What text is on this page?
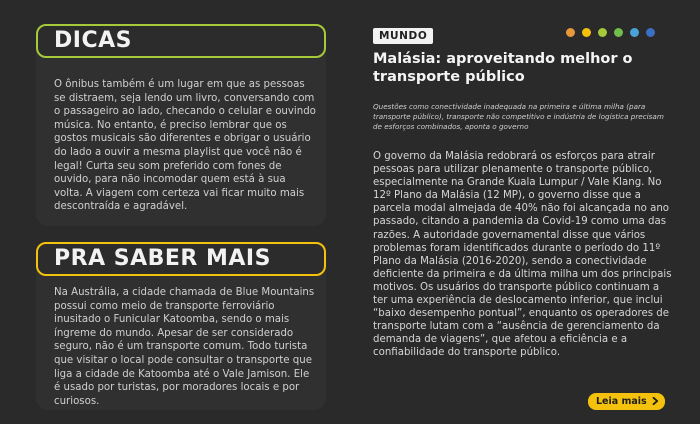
DICAS

O ônibus também é um lugar em que as pessoas se distraem, seja lendo um livro, conversando com o passageiro ao lado, checando o celular e ouvindo música. No entanto, é preciso lembrar que os gostos musicais são diferentes e obrigar o usuário do lado a ouvir a mesma playlist que você não é legal! Curta seu som preferido com fones de ouvido, para não incomodar quem está à sua volta. A viagem com certeza vai ficar muito mais descontraída e agradável.

PRA SABER MAIS

Na Austrália, a cidade chamada de Blue Mountains possui como meio de transporte ferroviário inusitado o Funicular Katoomba, sendo o mais íngreme do mundo. Apesar de ser considerado seguro, não é um transporte comum. Todo turista que visitar o local pode consultar o transporte que liga a cidade de Katoomba até o Vale Jamison. Ele é usado por turistas, por moradores locais e por curiosos.

MUNDO
Malásia: aproveitando melhor o transporte público

Questões como conectividade inadequada na primeira e última milha (para transporte público), transporte não competitivo e indústria de logística precisam de esforços combinados, aponta o governo

O governo da Malásia redobrará os esforços para atrair pessoas para utilizar plenamente o transporte público, especialmente na Grande Kuala Lumpur / Vale Klang. No 12º Plano da Malásia (12 MP), o governo disse que a parcela modal almejada de 40% não foi alcançada no ano passado, citando a pandemia da Covid-19 como uma das razões. A autoridade governamental disse que vários problemas foram identificados durante o período do 11º Plano da Malásia (2016-2020), sendo a conectividade deficiente da primeira e da última milha um dos principais motivos. Os usuários do transporte público continuam a ter uma experiência de deslocamento inferior, que inclui “baixo desempenho pontual”, enquanto os operadores de transporte lutam com a “ausência de gerenciamento da demanda de viagens”, que afetou a eficiência e a confiabilidade do transporte público.

Leia mais
